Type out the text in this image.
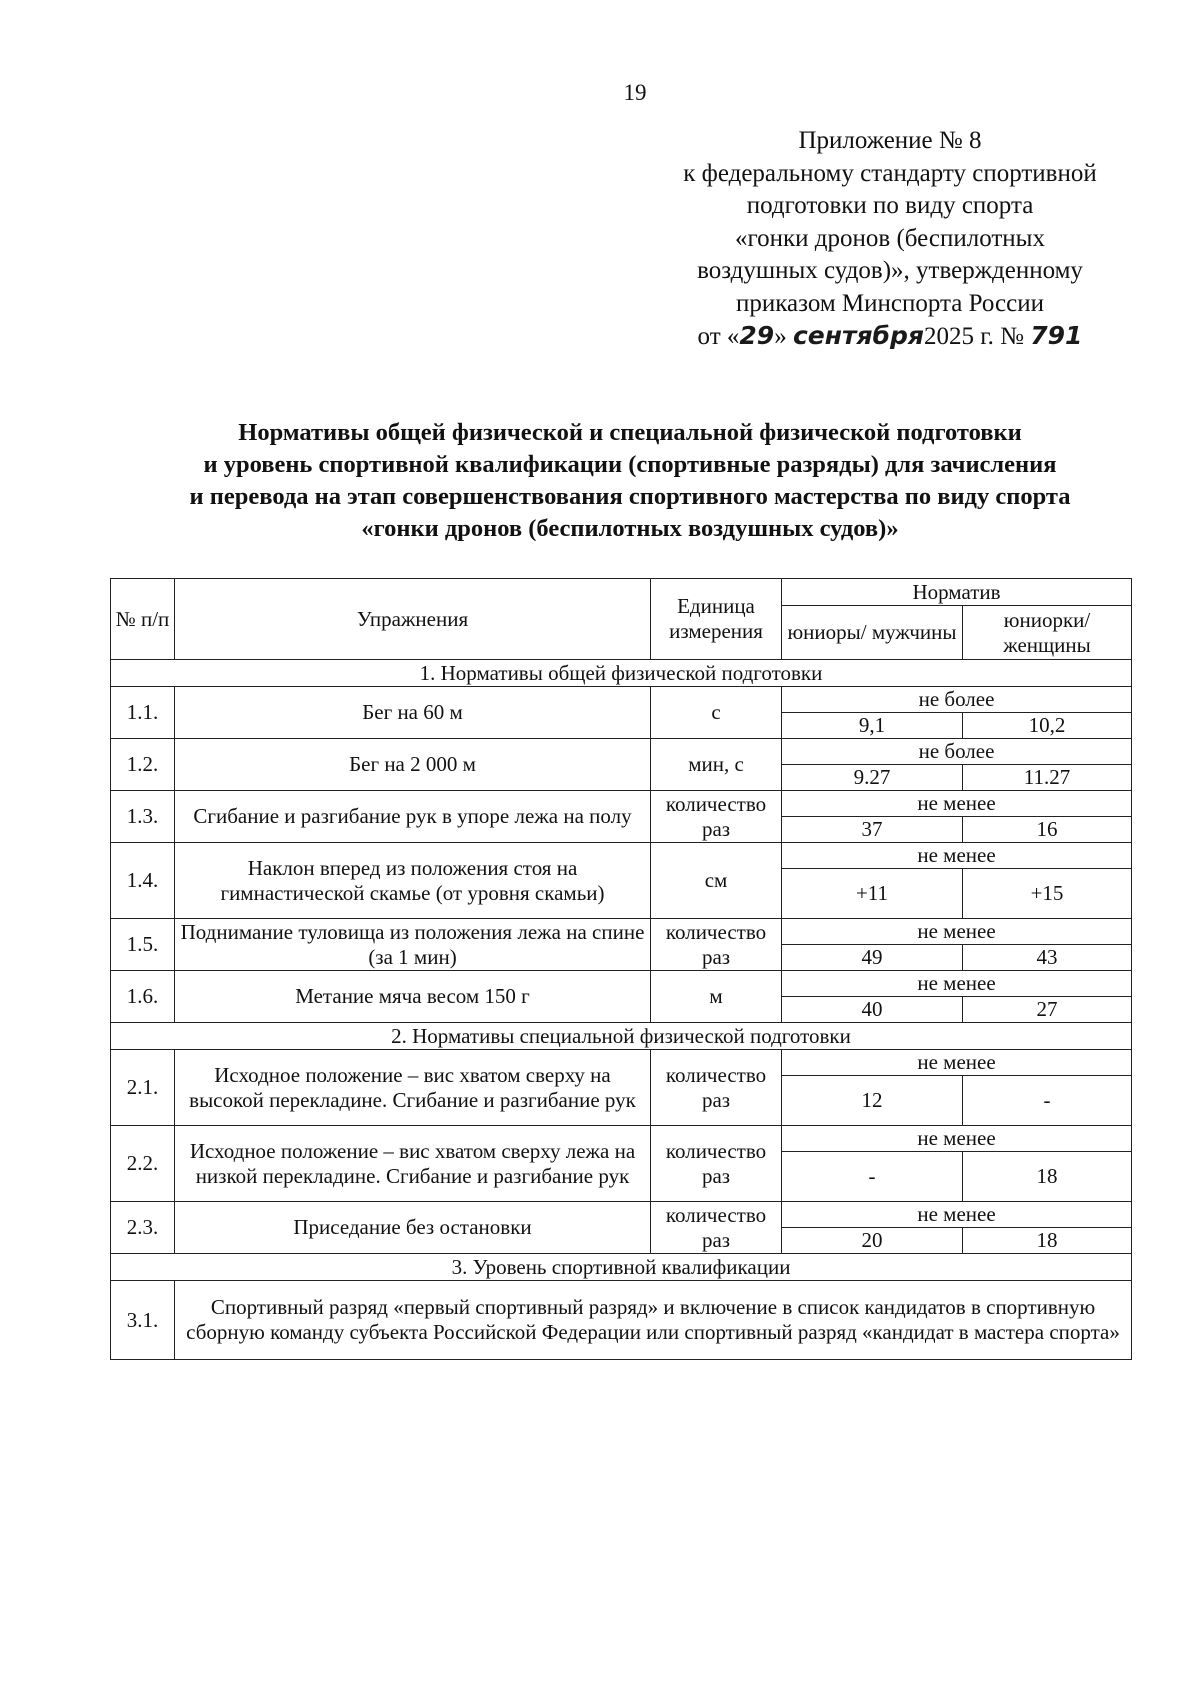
19
Приложение № 8
к федеральному стандарту спортивной
подготовки по виду спорта
«гонки дронов (беспилотных
воздушных судов)», утвержденному
приказом Минспорта России
от «29» сентября2025 г. № 791
Нормативы общей физической и специальной физической подготовки
и уровень спортивной квалификации (спортивные разряды) для зачисления
и перевода на этап совершенствования спортивного мастерства по виду спорта
«гонки дронов (беспилотных воздушных судов)»
№ п/п	Упражнения	Единица измерения	Норматив	
			юниоры/ мужчины	юниорки/ женщины
1. Нормативы общей физической подготовки				
1.1.	Бег на 60 м	с	не более	
			9,1	10,2
1.2.	Бег на 2 000 м	мин, с	не более	
			9.27	11.27
1.3.	Сгибание и разгибание рук в упоре лежа на полу	количество раз	не менее	
			37	16
1.4.	Наклон вперед из положения стоя на гимнастической скамье (от уровня скамьи)	см	не менее	
			+11	+15
1.5.	Поднимание туловища из положения лежа на спине (за 1 мин)	количество раз	не менее	
			49	43
1.6.	Метание мяча весом 150 г	м	не менее	
			40	27
2. Нормативы специальной физической подготовки				
2.1.	Исходное положение – вис хватом сверху на высокой перекладине. Сгибание и разгибание рук	количество раз	не менее	
			12	-
2.2.	Исходное положение – вис хватом сверху лежа на низкой перекладине. Сгибание и разгибание рук	количество раз	не менее	
			-	18
2.3.	Приседание без остановки	количество раз	не менее	
			20	18
3. Уровень спортивной квалификации				
3.1.	Спортивный разряд «первый спортивный разряд» и включение в список кандидатов в спортивную сборную команду субъекта Российской Федерации или спортивный разряд «кандидат в мастера спорта»			
